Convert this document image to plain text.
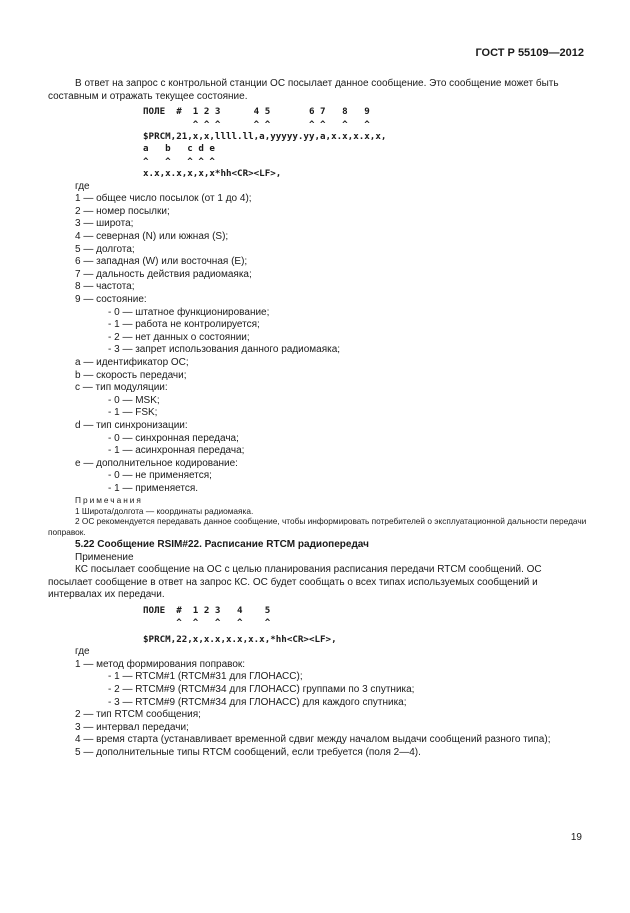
ГОСТ Р 55109—2012

В ответ на запрос с контрольной станции ОС посылает данное сообщение. Это сообщение может быть составным и отражать текущее состояние.

ПОЛЕ  #  1 2 3      4 5       6 7   8   9
^ ^ ^      ^ ^       ^ ^   ^   ^
$PRCM,21,x,x,llll.ll,a,yyyyy.yy,a,x.x,x.x,x,
a   b   c d e
^   ^   ^ ^ ^
x.x,x.x,x,x,x*hh<CR><LF>,

где

1 — общее число посылок (от 1 до 4);

2 — номер посылки;

3 — широта;

4 — северная (N) или южная (S);

5 — долгота;

6 — западная (W) или восточная (E);

7 — дальность действия радиомаяка;

8 — частота;

9 — состояние:

- 0 — штатное функционирование;

- 1 — работа не контролируется;

- 2 — нет данных о состоянии;

- 3 — запрет использования данного радиомаяка;

а — идентификатор ОС;

b — скорость передачи;

с — тип модуляции:

- 0 — MSK;

- 1 — FSK;

d — тип синхронизации:

- 0 — синхронная передача;

- 1 — асинхронная передача;

е — дополнительное кодирование:

- 0 — не применяется;

- 1 — применяется.

Примечания

1 Широта/долгота — координаты радиомаяка.

2 ОС рекомендуется передавать данное сообщение, чтобы информировать потребителей о эксплуатационной дальности передачи поправок.

5.22 Сообщение RSIM#22. Расписание RTCM радиопередач

Применение

КС посылает сообщение на ОС с целью планирования расписания передачи RTCM сообщений. ОС посылает сообщение в ответ на запрос КС. ОС будет сообщать о всех типах используемых сообщений и интервалах их передачи.

ПОЛЕ  #  1 2 3   4    5
^  ^   ^   ^    ^
$PRCM,22,x,x.x,x.x,x.x,*hh<CR><LF>,

где

1 — метод формирования поправок:

- 1 — RTCM#1 (RTCM#31 для ГЛОНАСС);

- 2 — RTCM#9 (RTCM#34 для ГЛОНАСС) группами по 3 спутника;

- 3 — RTCM#9 (RTCM#34 для ГЛОНАСС) для каждого спутника;

2 — тип RTCM сообщения;

3 — интервал передачи;

4 — время старта (устанавливает временной сдвиг между началом выдачи сообщений разного типа);

5 — дополнительные типы RTCM сообщений, если требуется (поля 2—4).

19
